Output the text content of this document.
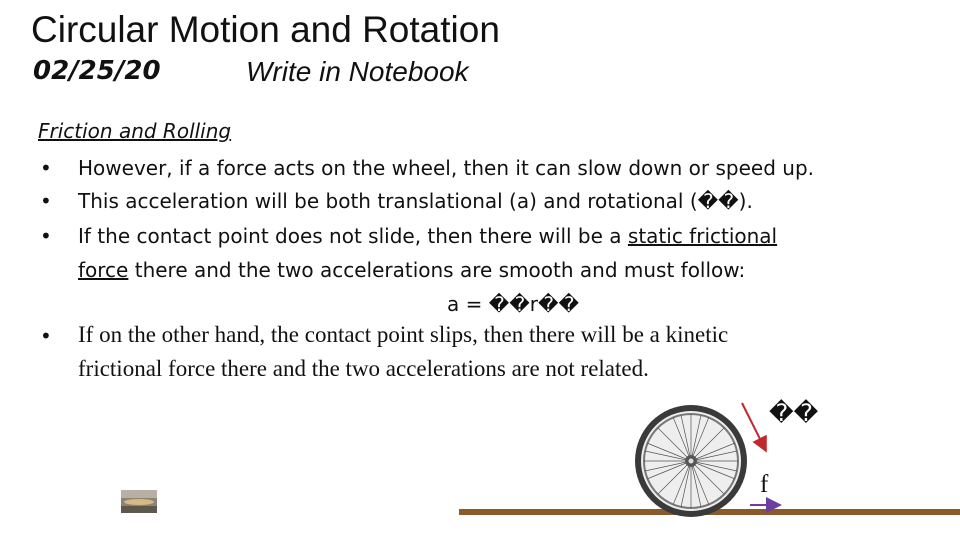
Circular Motion and Rotation
02/25/20	Write in Notebook
Friction and Rolling
• However, if a force acts on the wheel, then it can slow down or speed up.
• This acceleration will be both translational (a) and rotational (��).
• If the contact point does not slide, then there will be a static frictional
force there and the two accelerations are smooth and must follow:
a = ��r��
• If on the other hand, the contact point slips, then there will be a kinetic
frictional force there and the two accelerations are not related.
��
f
